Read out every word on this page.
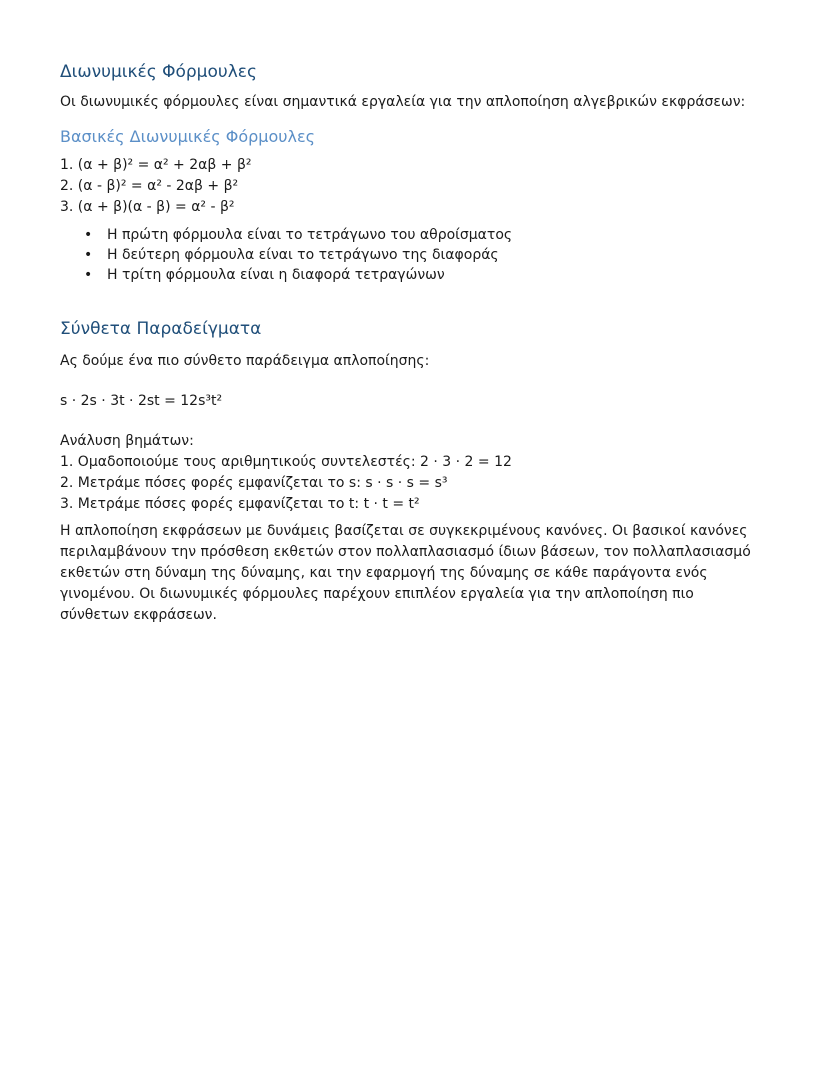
Διωνυμικές Φόρμουλες
Οι διωνυμικές φόρμουλες είναι σημαντικά εργαλεία για την απλοποίηση αλγεβρικών εκφράσεων:
Βασικές Διωνυμικές Φόρμουλες
1. (α + β)² = α² + 2αβ + β²
2. (α - β)² = α² - 2αβ + β²
3. (α + β)(α - β) = α² - β²
• Η πρώτη φόρμουλα είναι το τετράγωνο του αθροίσματος
• Η δεύτερη φόρμουλα είναι το τετράγωνο της διαφοράς
• Η τρίτη φόρμουλα είναι η διαφορά τετραγώνων
Σύνθετα Παραδείγματα
Ας δούμε ένα πιο σύνθετο παράδειγμα απλοποίησης:
s · 2s · 3t · 2st = 12s³t²
Ανάλυση βημάτων:
1. Ομαδοποιούμε τους αριθμητικούς συντελεστές: 2 · 3 · 2 = 12
2. Μετράμε πόσες φορές εμφανίζεται το s: s · s · s = s³
3. Μετράμε πόσες φορές εμφανίζεται το t: t · t = t²
Η απλοποίηση εκφράσεων με δυνάμεις βασίζεται σε συγκεκριμένους κανόνες. Οι βασικοί κανόνες
περιλαμβάνουν την πρόσθεση εκθετών στον πολλαπλασιασμό ίδιων βάσεων, τον πολλαπλασιασμό
εκθετών στη δύναμη της δύναμης, και την εφαρμογή της δύναμης σε κάθε παράγοντα ενός
γινομένου. Οι διωνυμικές φόρμουλες παρέχουν επιπλέον εργαλεία για την απλοποίηση πιο
σύνθετων εκφράσεων.
